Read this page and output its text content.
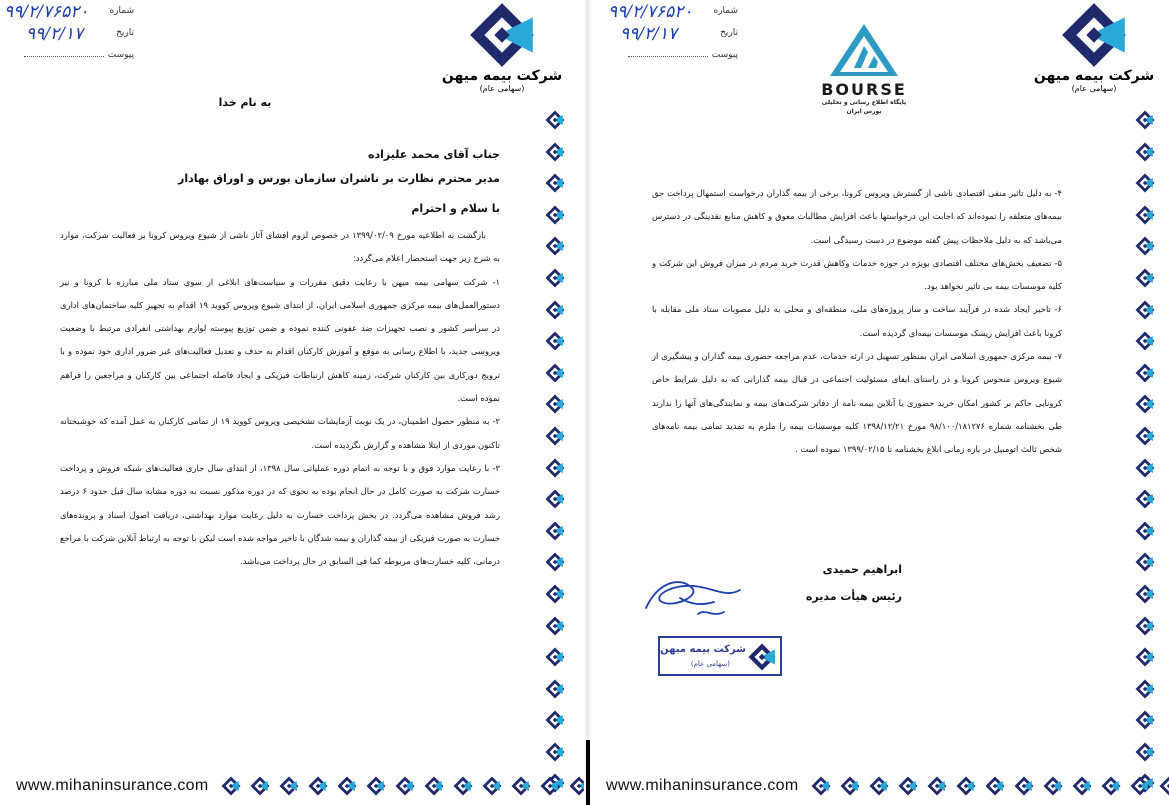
شرکت بیمه میهن
(سهامی عام)
شماره
۹۹/۲/۷۶۵۲۰
تاریخ
۹۹/۲/۱۷
پیوست

به نام خدا
جناب آقای محمد علیزاده
مدیر محترم نظارت بر ناشران سازمان بورس و اوراق بهادار
با سلام و احترام

بازگشت به اطلاعیه مورخ ۱۳۹۹/۰۲/۰۹ در خصوص لزوم افشای آثار ناشی از شیوع ویروس کرونا بر فعالیت شرکت، موارد به شرح زیر جهت استحضار اعلام می‌گردد:

۱- شرکت سهامی بیمه میهن با رعایت دقیق مقررات و سیاست‌های ابلاغی از سوی ستاد ملی مبارزه با کرونا و نیز دستورالعمل‌های بیمه مرکزی جمهوری اسلامی ایران، از ابتدای شیوع ویروس کووید ۱۹ اقدام به تجهیز کلیه ساختمان‌های اداری در سراسر کشور و نصب تجهیزات ضد عفونی کننده نموده و ضمن توزیع پیوسته لوازم بهداشتی انفرادی مرتبط با وضعیت ویروسی جدید، با اطلاع رسانی به موقع و آموزش کارکنان اقدام به حذف و تعدیل فعالیت‌های غیر ضرور اداری خود نموده و با ترویج دورکاری بین کارکنان شرکت، زمینه کاهش ارتباطات فیزیکی و ایجاد فاصله اجتماعی بین کارکنان و مراجعین را فراهم نموده است.

۲- به منظور حصول اطمینان، در یک نوبت آزمایشات تشخیصی ویروس کووید ۱۹ از تمامی کارکنان به عمل آمده که خوشبختانه تاکنون موردی از ابتلا مشاهده و گزارش نگردیده است.

۳- با رعایت موارد فوق و با توجه به اتمام دوره عملیاتی سال ۱۳۹۸، از ابتدای سال جاری فعالیت‌های شبکه فروش و پرداخت خسارت شرکت به صورت کامل در حال انجام بوده به نحوی که در دوره مذکور نسبت به دوره مشابه سال قبل حدود ۶ درصد رشد فروش مشاهده می‌گردد. در بخش پرداخت خسارت به دلیل رعایت موارد بهداشتی، دریافت اصول اسناد و پرونده‌های خسارت به صورت فیزیکی از بیمه گذاران و بیمه شدگان با تاخیر مواجه شده است لیکن با توجه به ارتباط آنلاین شرکت با مراجع درمانی، کلیه خسارت‌های مربوطه کما فی السابق در حال پرداخت می‌باشد.

www.mihaninsurance.com
شرکت بیمه میهن
(سهامی عام)
BOURSE
پایگاه اطلاع رسانی و تحلیلی بورس ایران
شماره
۹۹/۲/۷۶۵۲۰
تاریخ
۹۹/۲/۱۷
پیوست

۴- به دلیل تاثیر منفی اقتصادی ناشی از گسترش ویروس کرونا، برخی از بیمه گذاران درخواست استمهال پرداخت حق بیمه‌های متعلقه را نموده‌اند که اجابت این درخواستها باعث افزایش مطالبات معوق و کاهش منابع نقدینگی در دسترس می‌باشد که به دلیل ملاحظات پیش گفته موضوع در دست رسیدگی است.

۵- تضعیف بخش‌های مختلف اقتصادی بویژه در حوزه خدمات وکاهش قدرت خرید مردم در میزان فروش این شرکت و کلیه موسسات بیمه بی تاثیر نخواهد بود.

۶- تاخیر ایجاد شده در فرآیند ساخت و ساز پروژه‌های ملی، منطقه‌ای و محلی به دلیل مصوبات ستاد ملی مقابله با کرونا باعث افزایش ریسک موسسات بیمه‌ای گردیده است.

۷- بیمه مرکزی جمهوری اسلامی ایران بمنظور تسهیل در ارئه خدمات، عدم مراجعه حضوری بیمه گذاران و پیشگیری از شیوع ویروس منحوس کرونا و در راستای ایفای مسئولیت اجتماعی در قبال بیمه گذارانی که به دلیل شرایط خاص کرونایی حاکم بر کشور امکان خرید حضوری یا آنلاین بیمه نامه از دفاتر شرکت‌های بیمه و نمایندگی‌های آنها را ندارند طی بخشنامه شماره ۹۸/۱۰۰/۱۸۱۲۷۶ مورخ ۱۳۹۸/۱۲/۲۱ کلیه موسسات بیمه را ملزم به تمدید تمامی بیمه نامه‌های شخص ثالث اتومبیل در بازه زمانی ابلاغ بخشنامه تا ۱۳۹۹/۰۲/۱۵ نموده است .

ابراهیم حمیدی
رئیس هیأت مدیره
شرکت بیمه میهن
(سهامی عام)
www.mihaninsurance.com
